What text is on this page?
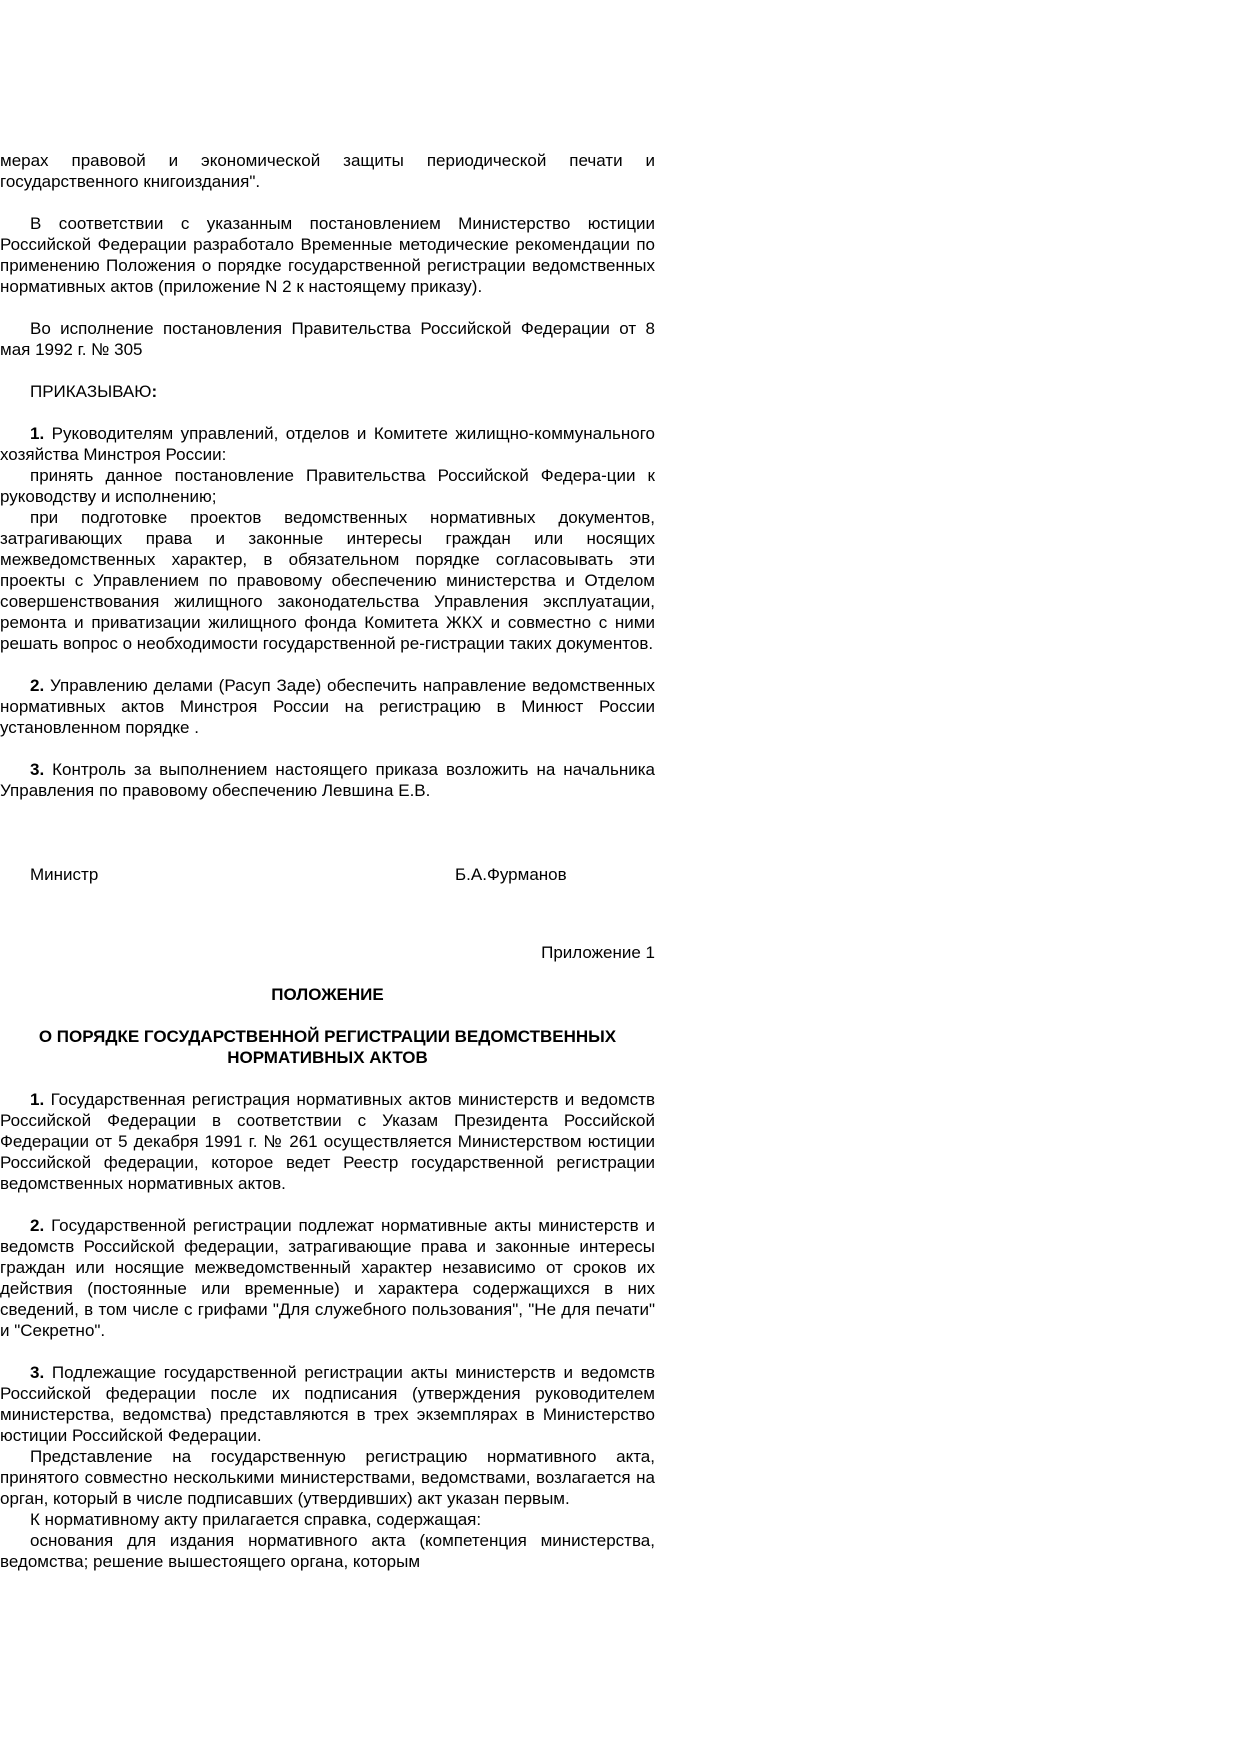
мерах правовой и экономической защиты периодической печати и государственного книгоиздания".

В соответствии с указанным постановлением Министерство юстиции Российской Федерации разработало Временные методические рекомендации по применению Положения о порядке государственной регистрации ведомственных нормативных актов (приложение N 2 к настоящему приказу).

Во исполнение постановления Правительства Российской Федерации от 8 мая 1992 г. № 305

ПРИКАЗЫВАЮ:

1. Руководителям управлений, отделов и Комитете жилищно-коммунального хозяйства Минстроя России:

принять данное постановление Правительства Российской Федера-ции к руководству и исполнению;

при подготовке проектов ведомственных нормативных документов, затрагивающих права и законные интересы граждан или носящих межведомственных характер, в обязательном порядке согласовывать эти проекты с Управлением по правовому обеспечению министерства и Отделом совершенствования жилищного законодательства Управления эксплуатации, ремонта и приватизации жилищного фонда Комитета ЖКХ и совместно с ними решать вопрос о необходимости государственной ре-гистрации таких документов.

2. Управлению делами (Расуп Заде) обеспечить направление ведомственных нормативных актов Минстроя России на регистрацию в Минюст России установленном порядке .

3. Контроль за выполнением настоящего приказа возложить на начальника Управления по правовому обеспечению Левшина Е.В.

Министр	Б.А.Фурманов

Приложение 1

ПОЛОЖЕНИЕ

О ПОРЯДКЕ ГОСУДАРСТВЕННОЙ РЕГИСТРАЦИИ ВЕДОМСТВЕННЫХ НОРМАТИВНЫХ АКТОВ

1. Государственная регистрация нормативных актов министерств и ведомств Российской Федерации в соответствии с Указам Президента Российской Федерации от 5 декабря 1991 г. № 261 осуществляется Министерством юстиции Российской федерации, которое ведет Реестр государственной регистрации ведомственных нормативных актов.

2. Государственной регистрации подлежат нормативные акты министерств и ведомств Российской федерации, затрагивающие права и законные интересы граждан или носящие межведомственный характер независимо от сроков их действия (постоянные или временные) и характера содержащихся в них сведений, в том числе с грифами "Для служебного пользования", "Не для печати" и "Секретно".

3. Подлежащие государственной регистрации акты министерств и ведомств Российской федерации после их подписания (утверждения руководителем министерства, ведомства) представляются в трех экземплярах в Министерство юстиции Российской Федерации.

Представление на государственную регистрацию нормативного акта, принятого совместно несколькими министерствами, ведомствами, возлагается на орган, который в числе подписавших (утвердивших) акт указан первым.

К нормативному акту прилагается справка, содержащая:

основания для издания нормативного акта (компетенция министерства, ведомства; решение вышестоящего органа, которым
